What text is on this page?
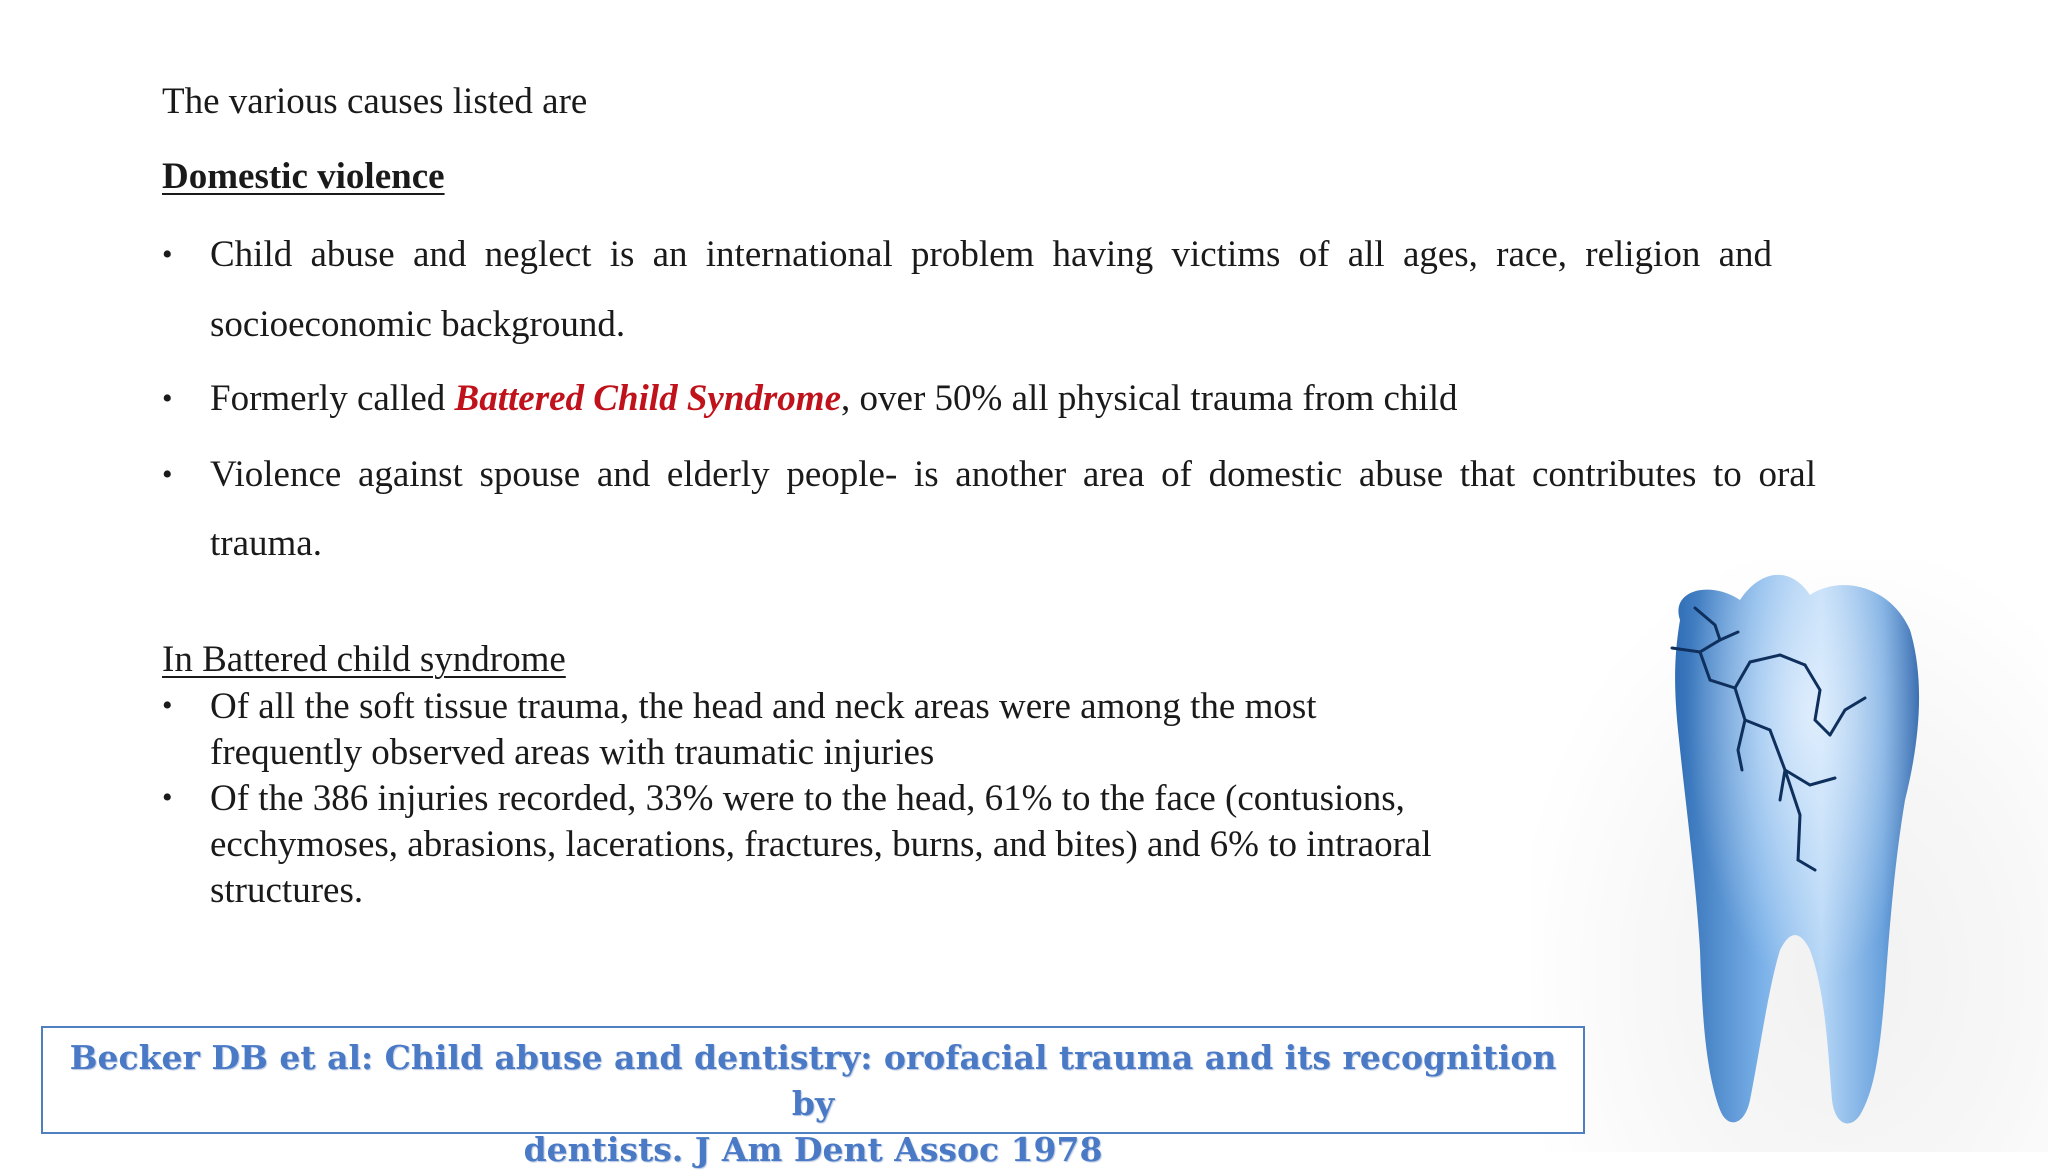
The various causes listed are
Domestic violence
• Child abuse and neglect is an international problem having victims of all ages, race, religion and
socioeconomic background.
• Formerly called Battered Child Syndrome, over 50% all physical trauma from child
• Violence against spouse and elderly people- is another area of domestic abuse that contributes to oral
trauma.
In Battered child syndrome
• Of all the soft tissue trauma, the head and neck areas were among the most
frequently observed areas with traumatic injuries
• Of the 386 injuries recorded, 33% were to the head, 61% to the face (contusions,
ecchymoses, abrasions, lacerations, fractures, burns, and bites) and 6% to intraoral
structures.
Becker DB et al: Child abuse and dentistry: orofacial trauma and its recognition by
dentists. J Am Dent Assoc 1978
